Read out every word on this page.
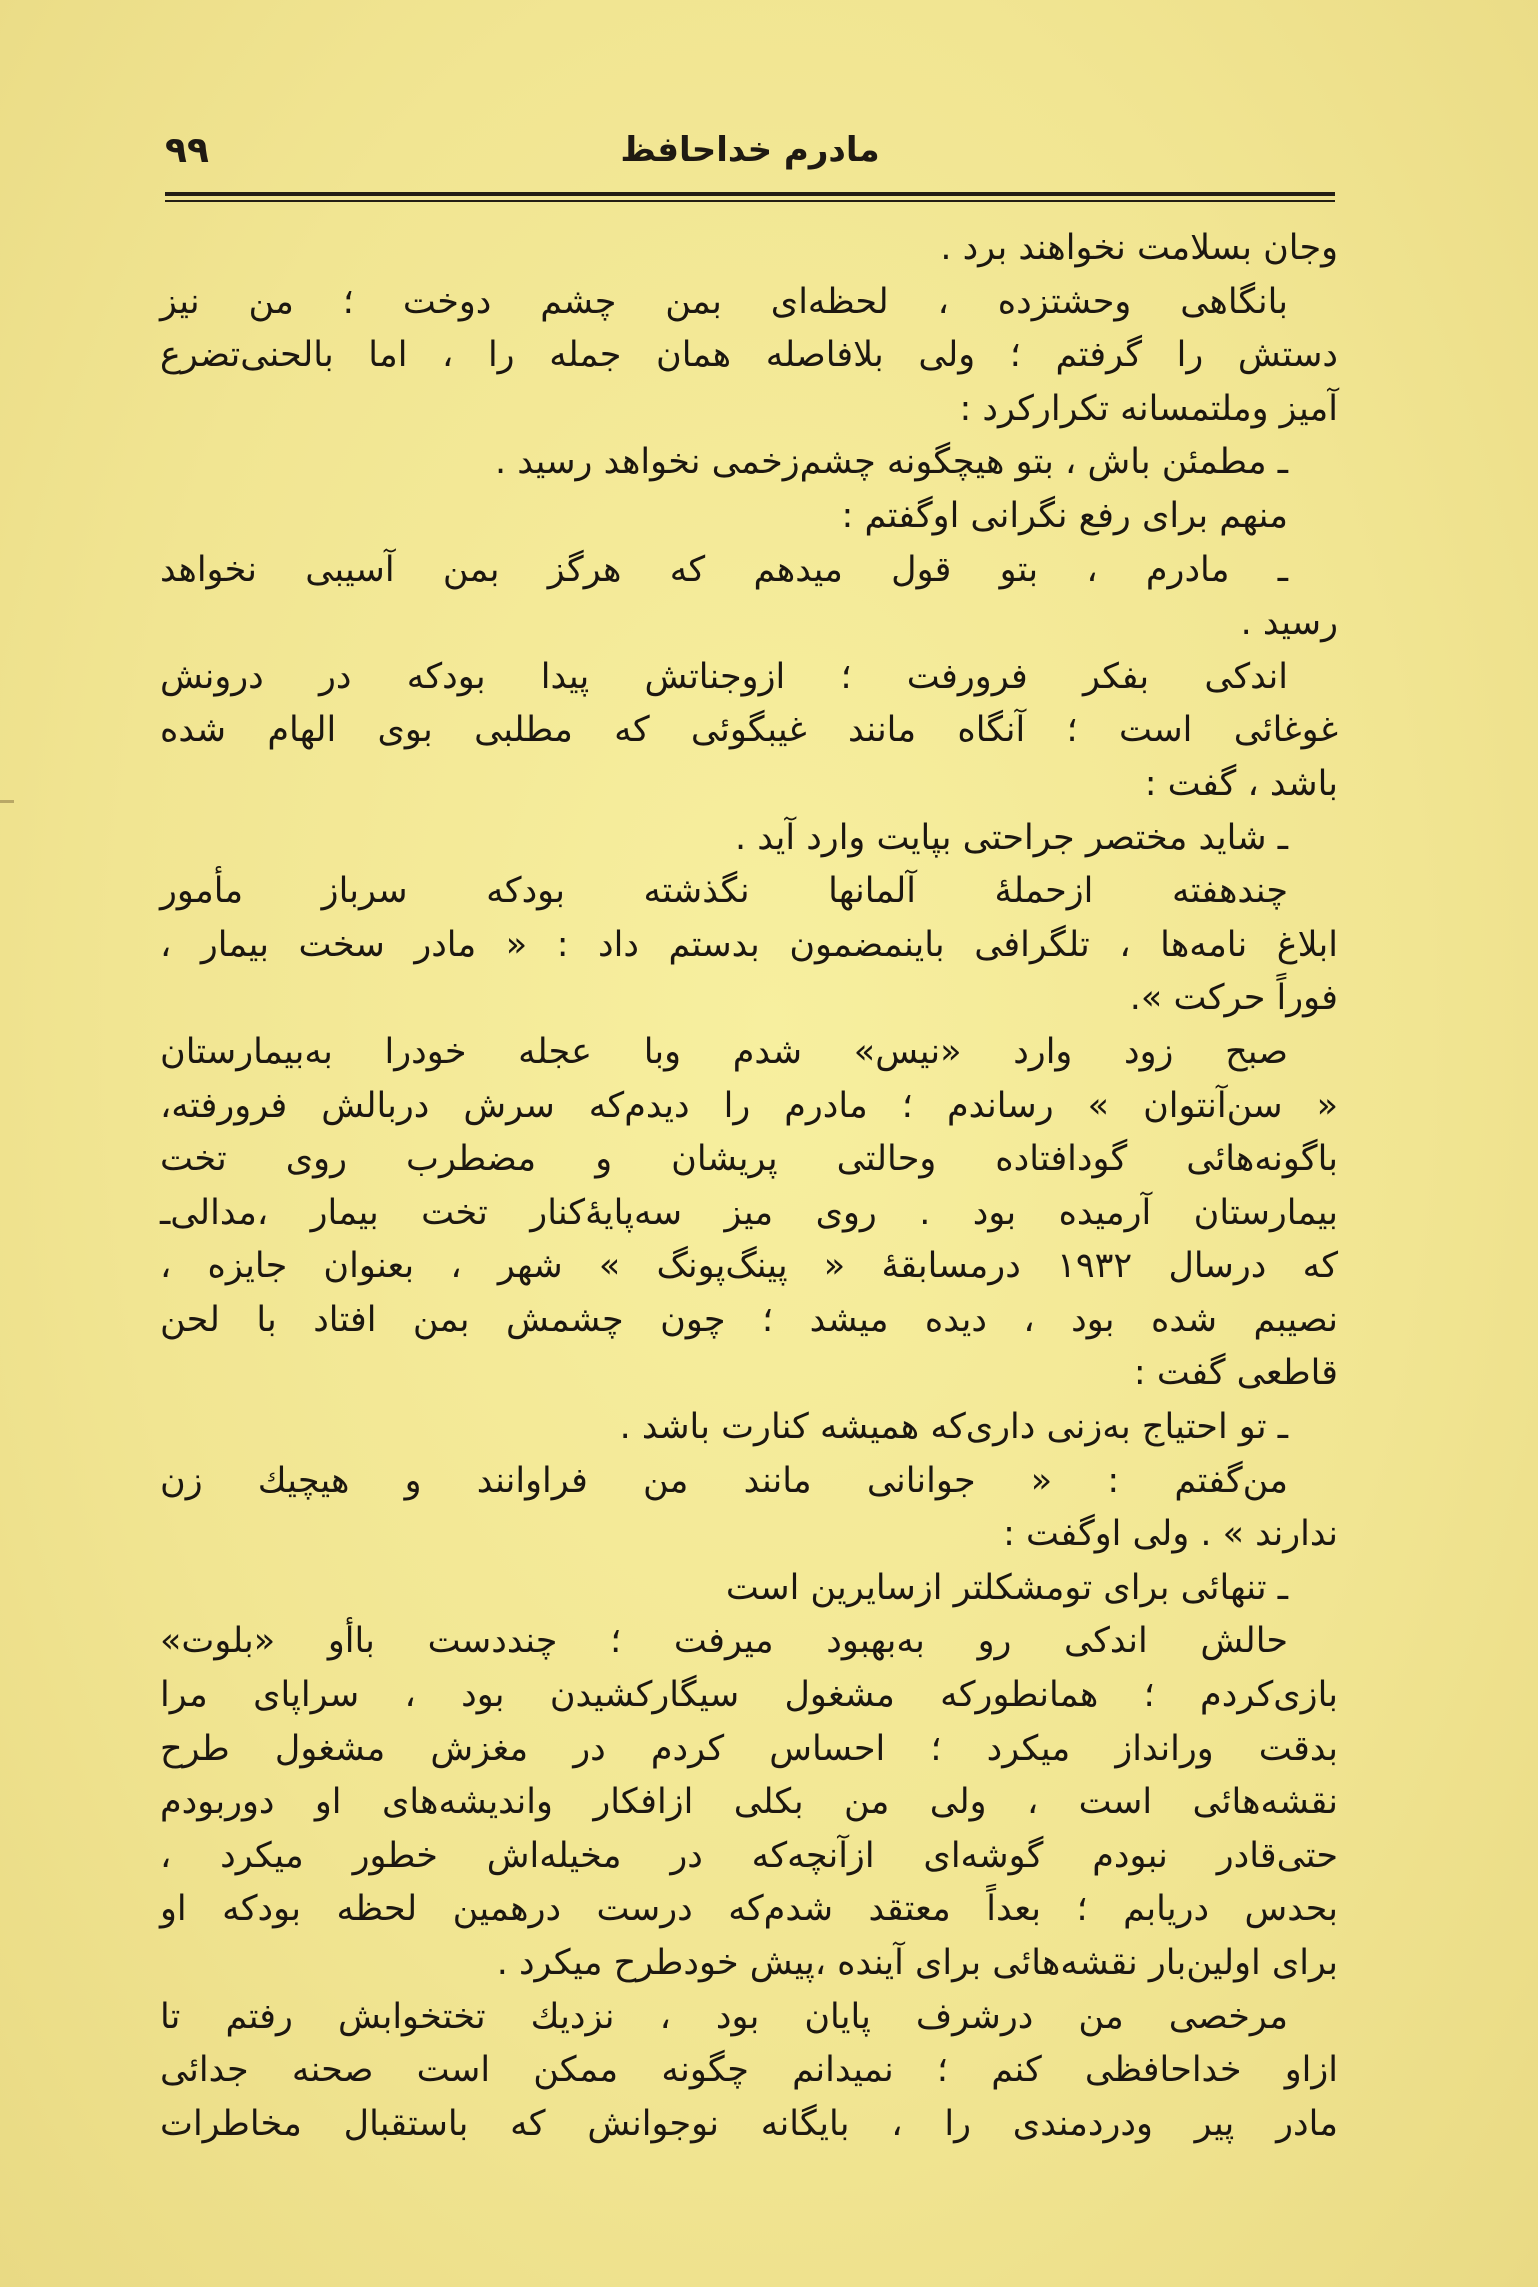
مادرم خداحافظ
۹۹
وجان بسلامت نخواهند برد .
بانگاهی وحشتزده ، لحظه‌ای بمن چشم دوخت ؛ من نیز
دستش را گرفتم ؛ ولی بلافاصله همان جمله را ، اما بالحنی‌تضرع
آمیز وملتمسانه تکرارکرد :
ـ مطمئن باش ، بتو هیچگونه چشم‌زخمی نخواهد رسید .
منهم برای رفع نگرانی اوگفتم :
ـ مادرم ، بتو قول میدهم که هرگز بمن آسیبی نخواهد
رسید .
اندکی بفکر فرورفت ؛ ازوجناتش پیدا بودکه در درونش
غوغائی است ؛ آنگاه مانند غیبگوئی که مطلبی بوی الهام شده
باشد ، گفت :
ـ شاید مختصر جراحتی بپایت وارد آید .
چندهفته ازحملهٔ آلمانها نگذشته بودکه سرباز مأمور
ابلاغ نامه‌ها ، تلگرافی باینمضمون بدستم داد : « مادر سخت بیمار ،
فوراً حرکت ».
صبح زود وارد «نیس» شدم وبا عجله خودرا به‌بیمارستان
« سن‌آنتوان » رساندم ؛ مادرم را دیدم‌که سرش دربالش فرورفته،
باگونه‌هائی گودافتاده وحالتی پریشان و مضطرب روی تخت
بیمارستان آرمیده بود . روی میز سه‌پایهٔ‌کنار تخت بیمار ،مدالی‌ـ
که درسال ۱۹۳۲ درمسابقهٔ « پینگ‌پونگ » شهر ، بعنوان جایزه ،
نصیبم شده بود ، دیده میشد ؛ چون چشمش بمن افتاد با لحن
قاطعی گفت :
ـ تو احتیاج به‌زنی داری‌که همیشه کنارت باشد .
من‌گفتم : « جوانانی مانند من فراوانند و هیچیك زن
ندارند » . ولی اوگفت :
ـ تنهائی برای تومشکلتر ازسایرین است
حالش اندکی رو به‌بهبود میرفت ؛ چنددست باأو «بلوت»
بازی‌کردم ؛ همانطورکه مشغول سیگارکشیدن بود ، سراپای مرا
بدقت ورانداز میکرد ؛ احساس کردم در مغزش مشغول طرح
نقشه‌هائی است ، ولی من بکلی ازافکار واندیشه‌های او دوربودم
حتی‌قادر نبودم گوشه‌ای ازآنچه‌که در مخیله‌اش خطور میکرد ،
بحدس دریابم ؛ بعداً معتقد شدم‌که درست درهمین لحظه بودکه او
برای اولین‌بار نقشه‌هائی برای آینده ،پیش خودطرح میکرد .
مرخصی من درشرف پایان بود ، نزدیك تختخوابش رفتم تا
ازاو خداحافظی کنم ؛ نمیدانم چگونه ممکن است صحنه جدائی
مادر پیر ودردمندی را ، بایگانه نوجوانش که باستقبال مخاطرات
